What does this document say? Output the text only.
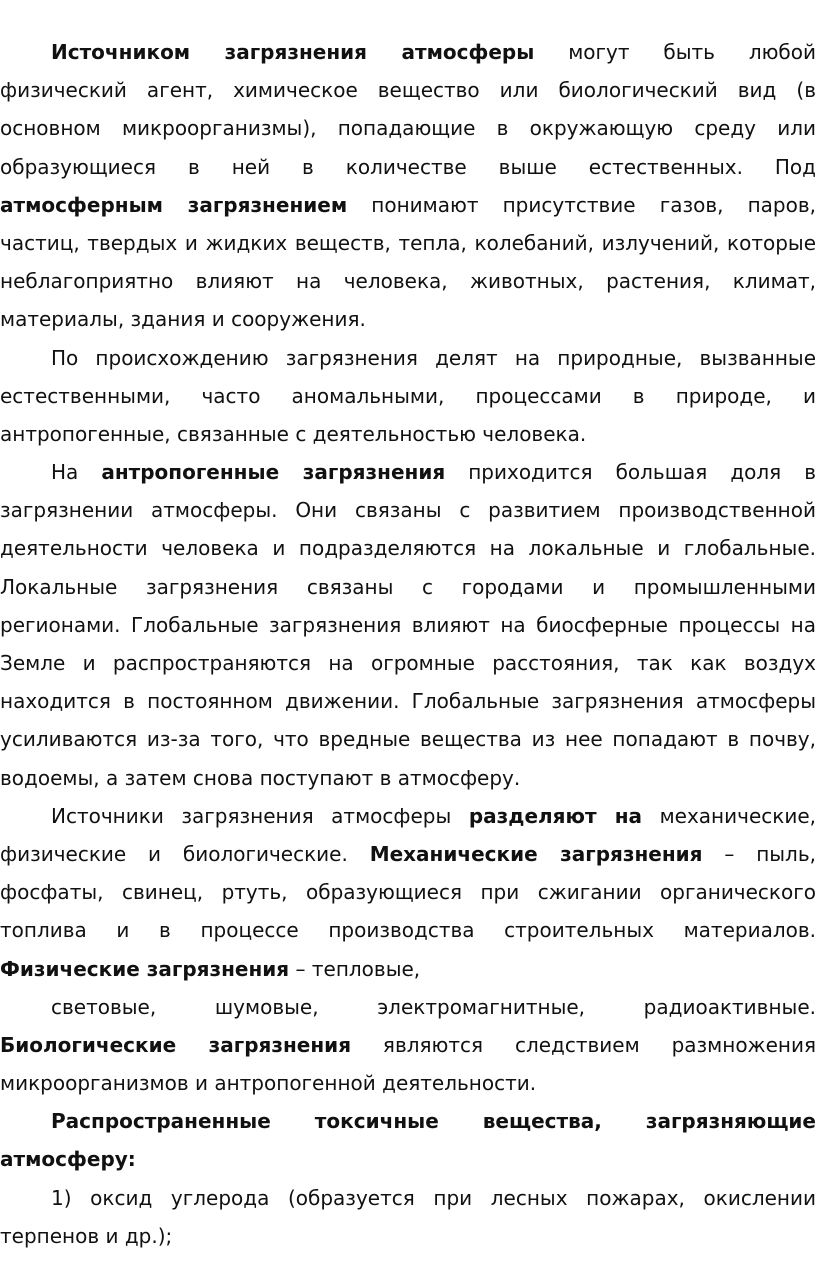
Источником загрязнения атмосферы могут быть любой
физический агент, химическое вещество или биологический вид (в
основном микроорганизмы), попадающие в окружающую среду или
образующиеся в ней в количестве выше естественных. Под
атмосферным загрязнением понимают присутствие газов, паров,
частиц, твердых и жидких веществ, тепла, колебаний, излучений, которые
неблагоприятно влияют на человека, животных, растения, климат,
материалы, здания и сооружения.
По происхождению загрязнения делят на природные, вызванные
естественными, часто аномальными, процессами в природе, и
антропогенные, связанные с деятельностью человека.
На антропогенные загрязнения приходится большая доля в
загрязнении атмосферы. Они связаны с развитием производственной
деятельности человека и подразделяются на локальные и глобальные.
Локальные загрязнения связаны с городами и промышленными
регионами. Глобальные загрязнения влияют на биосферные процессы на
Земле и распространяются на огромные расстояния, так как воздух
находится в постоянном движении. Глобальные загрязнения атмосферы
усиливаются из-за того, что вредные вещества из нее попадают в почву,
водоемы, а затем снова поступают в атмосферу.
Источники загрязнения атмосферы разделяют на механические,
физические и биологические. Механические загрязнения – пыль,
фосфаты, свинец, ртуть, образующиеся при сжигании органического
топлива и в процессе производства строительных материалов.
Физические загрязнения – тепловые,
световые, шумовые, электромагнитные, радиоактивные.
Биологические загрязнения являются следствием размножения
микроорганизмов и антропогенной деятельности.
Распространенные токсичные вещества, загрязняющие
атмосферу:
1) оксид углерода (образуется при лесных пожарах, окислении
терпенов и др.);
